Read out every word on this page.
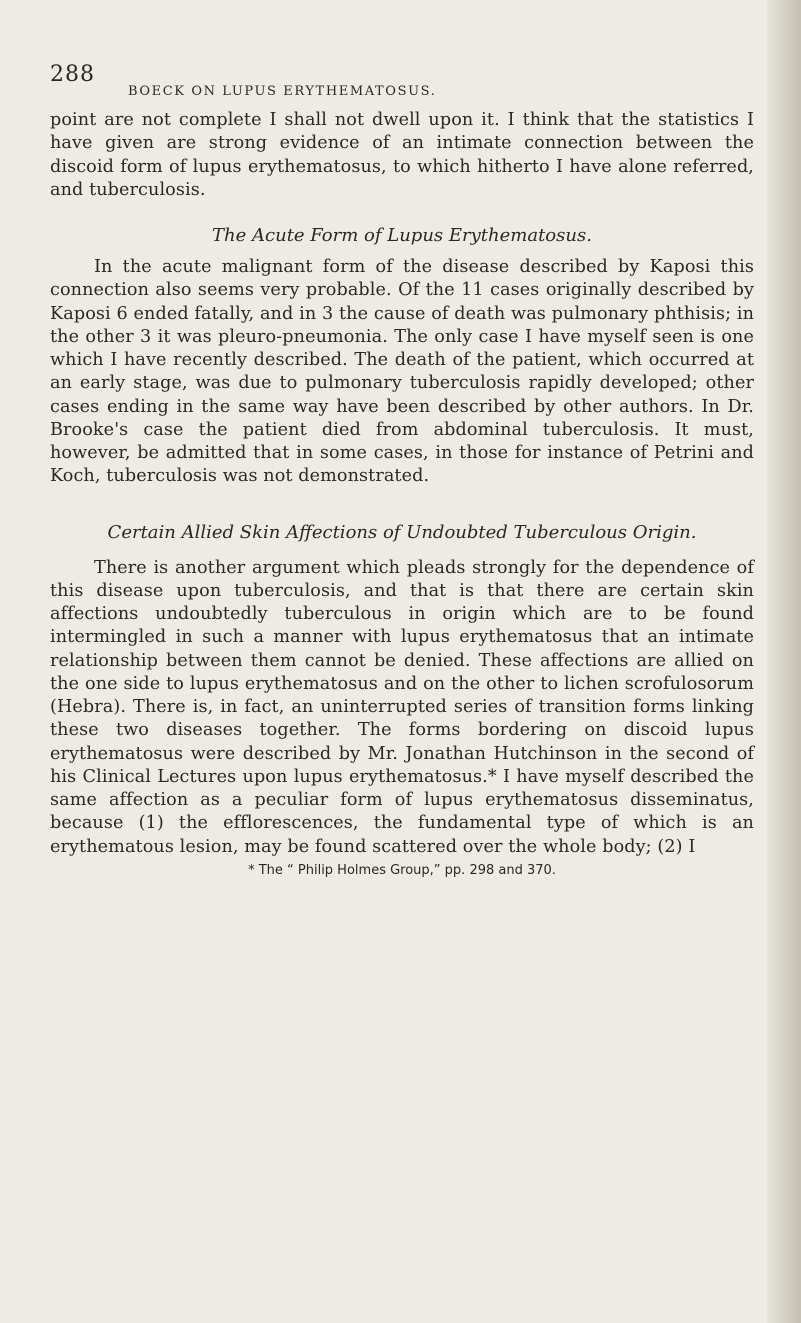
288
BOECK ON LUPUS ERYTHEMATOSUS.

point are not complete I shall not dwell upon it. I think that the statistics I have given are strong evidence of an intimate connection between the discoid form of lupus erythematosus, to which hitherto I have alone referred, and tuberculosis.

The Acute Form of Lupus Erythematosus.

In the acute malignant form of the disease described by Kaposi this connection also seems very probable. Of the 11 cases originally described by Kaposi 6 ended fatally, and in 3 the cause of death was pulmonary phthisis; in the other 3 it was pleuro-pneumonia. The only case I have myself seen is one which I have recently described. The death of the patient, which occurred at an early stage, was due to pulmonary tuberculosis rapidly developed; other cases ending in the same way have been described by other authors. In Dr. Brooke's case the patient died from abdominal tuberculosis. It must, however, be admitted that in some cases, in those for instance of Petrini and Koch, tuberculosis was not demonstrated.

Certain Allied Skin Affections of Undoubted Tuberculous Origin.

There is another argument which pleads strongly for the dependence of this disease upon tuberculosis, and that is that there are certain skin affections undoubtedly tuberculous in origin which are to be found intermingled in such a manner with lupus erythematosus that an intimate relationship between them cannot be denied. These affections are allied on the one side to lupus erythematosus and on the other to lichen scrofulosorum (Hebra). There is, in fact, an uninterrupted series of transition forms linking these two diseases together. The forms bordering on discoid lupus erythematosus were described by Mr. Jonathan Hutchinson in the second of his Clinical Lectures upon lupus erythematosus.* I have myself described the same affection as a peculiar form of lupus erythematosus disseminatus, because (1) the efflorescences, the fundamental type of which is an erythematous lesion, may be found scattered over the whole body; (2) I

* The “ Philip Holmes Group,” pp. 298 and 370.
